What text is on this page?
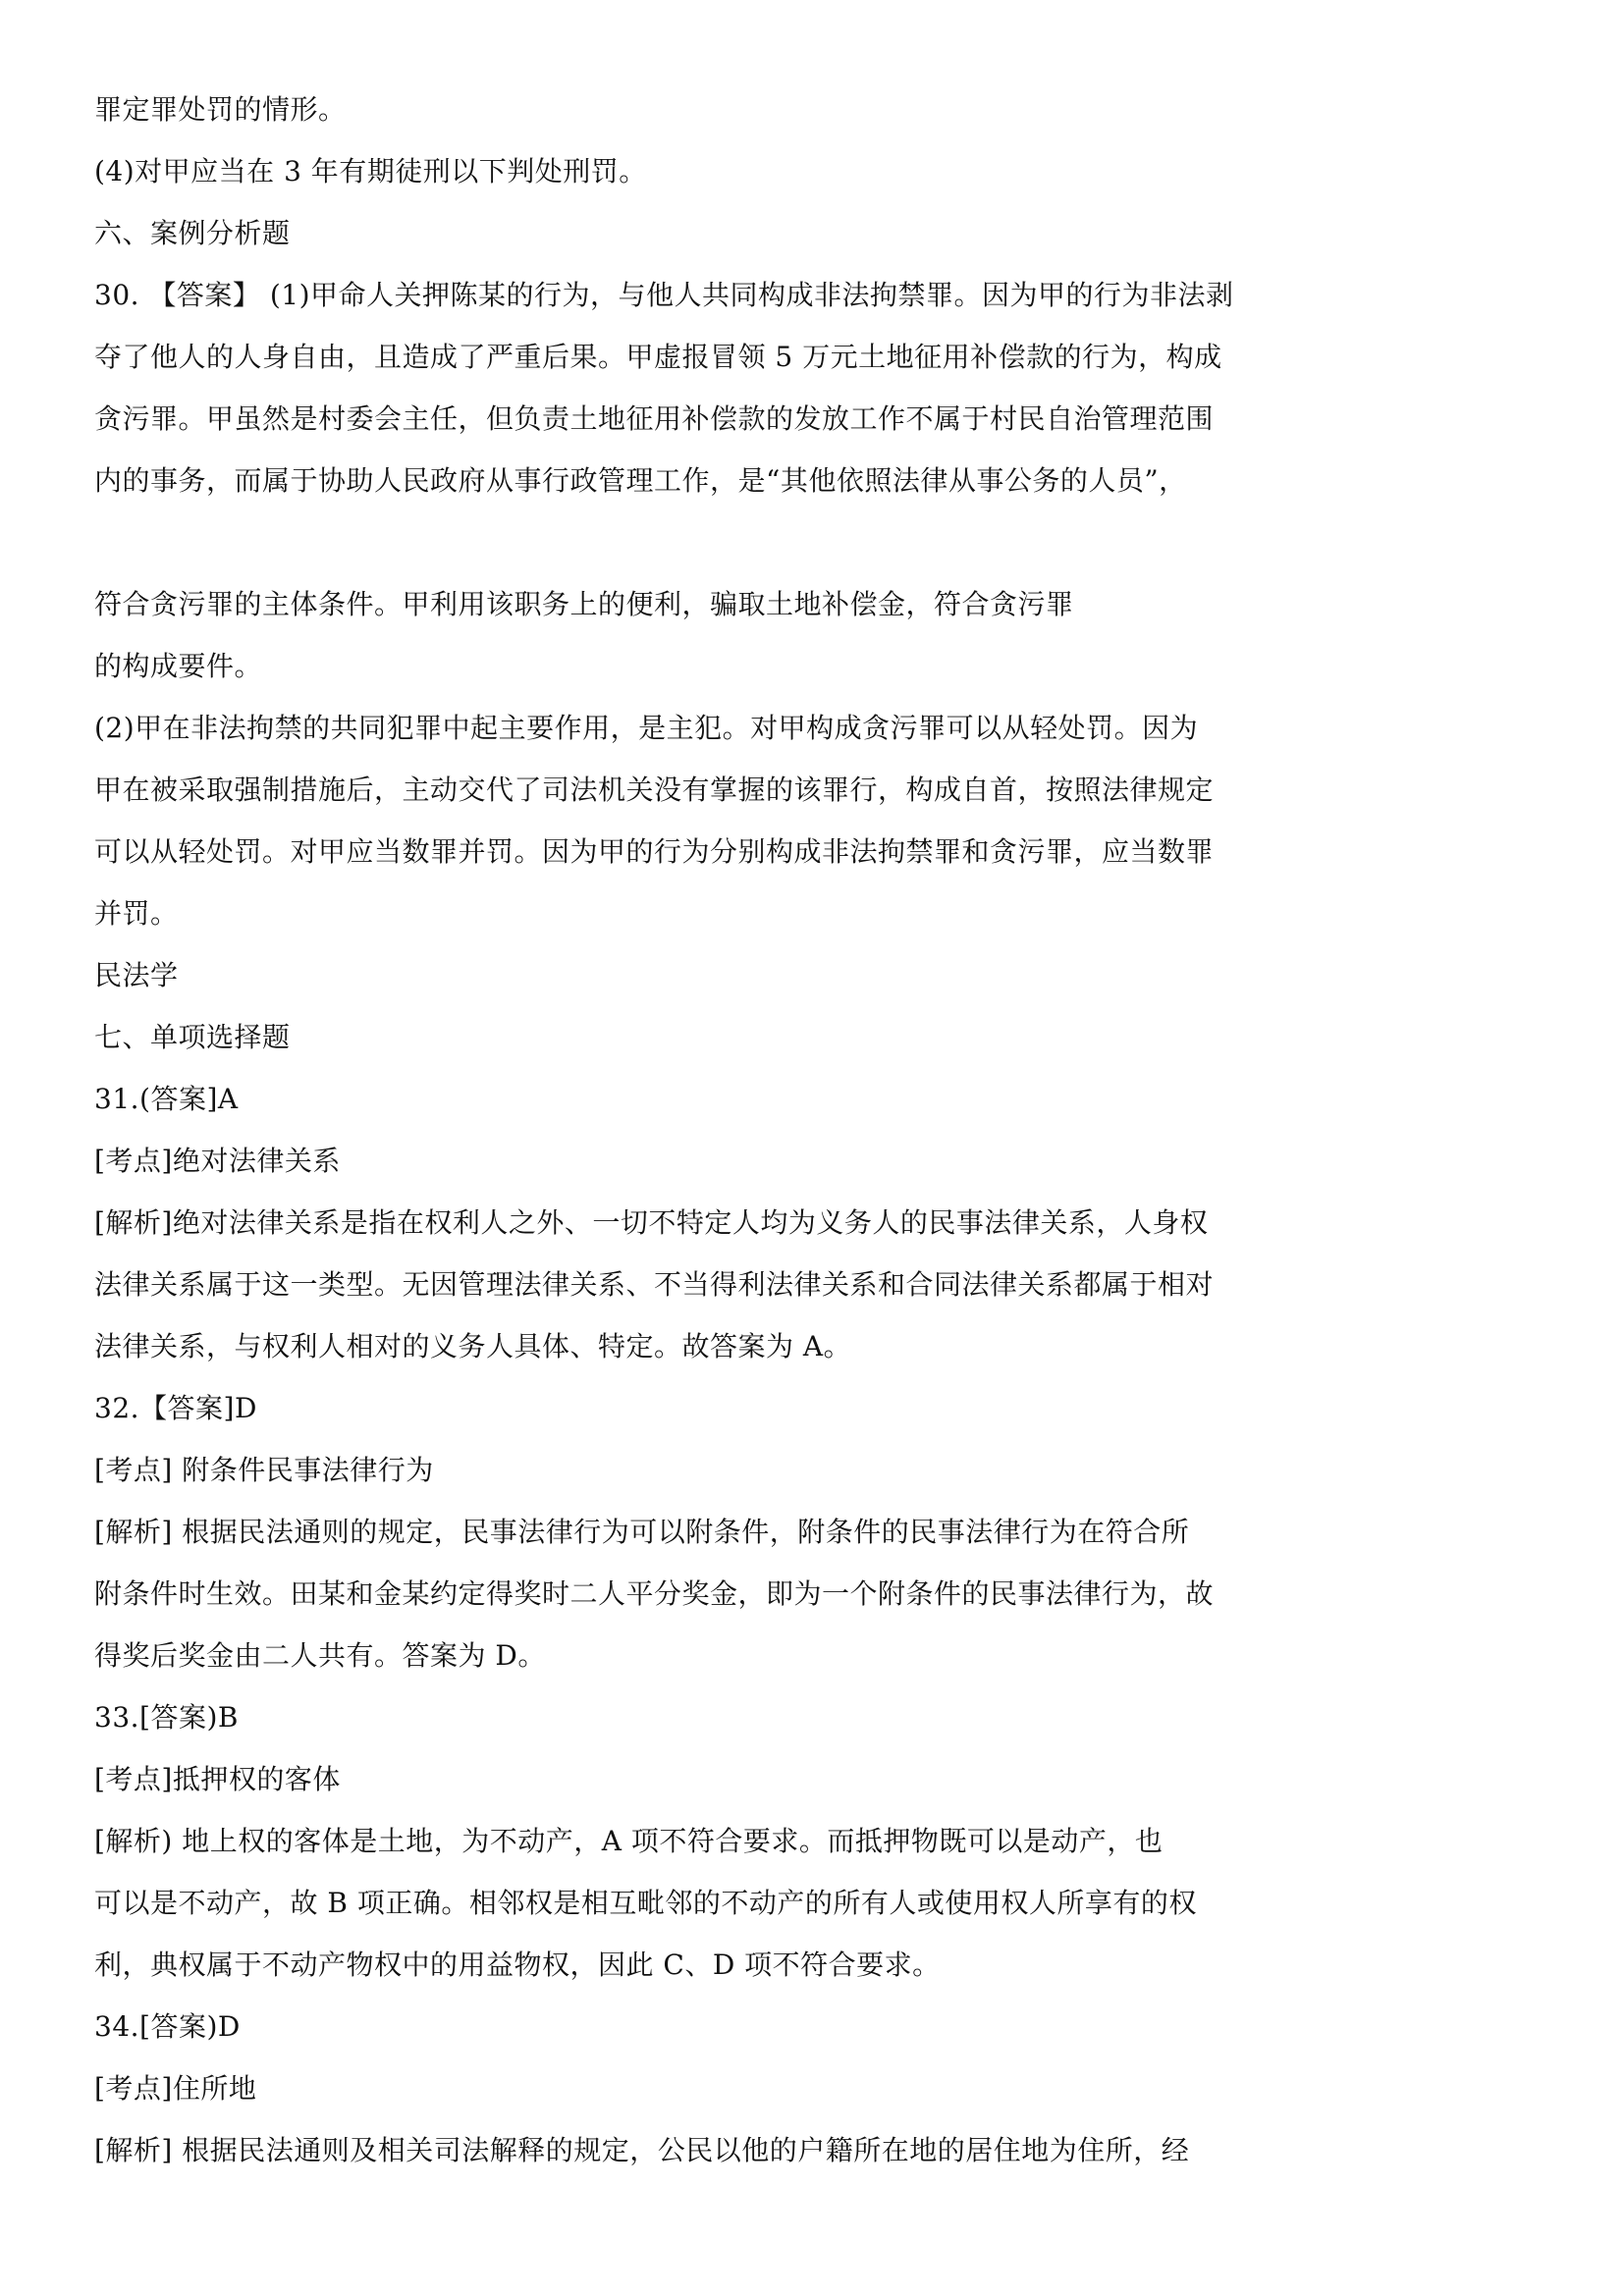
罪定罪处罚的情形。
(4)对甲应当在 3 年有期徒刑以下判处刑罚。
六、案例分析题
30. 【答案】 (1)甲命人关押陈某的行为，与他人共同构成非法拘禁罪。因为甲的行为非法剥
夺了他人的人身自由，且造成了严重后果。甲虚报冒领 5 万元土地征用补偿款的行为，构成
贪污罪。甲虽然是村委会主任，但负责土地征用补偿款的发放工作不属于村民自治管理范围
内的事务，而属于协助人民政府从事行政管理工作，是“其他依照法律从事公务的人员”，
符合贪污罪的主体条件。甲利用该职务上的便利，骗取土地补偿金，符合贪污罪
的构成要件。
(2)甲在非法拘禁的共同犯罪中起主要作用，是主犯。对甲构成贪污罪可以从轻处罚。因为
甲在被采取强制措施后，主动交代了司法机关没有掌握的该罪行，构成自首，按照法律规定
可以从轻处罚。对甲应当数罪并罚。因为甲的行为分别构成非法拘禁罪和贪污罪，应当数罪
并罚。
民法学
七、单项选择题
31.(答案]A
[考点]绝对法律关系
[解析]绝对法律关系是指在权利人之外、一切不特定人均为义务人的民事法律关系，人身权
法律关系属于这一类型。无因管理法律关系、不当得利法律关系和合同法律关系都属于相对
法律关系，与权利人相对的义务人具体、特定。故答案为 A。
32.【答案]D
[考点] 附条件民事法律行为
[解析] 根据民法通则的规定，民事法律行为可以附条件，附条件的民事法律行为在符合所
附条件时生效。田某和金某约定得奖时二人平分奖金，即为一个附条件的民事法律行为，故
得奖后奖金由二人共有。答案为 D。
33.[答案)B
[考点]抵押权的客体
[解析) 地上权的客体是土地，为不动产，A 项不符合要求。而抵押物既可以是动产，也
可以是不动产，故 B 项正确。相邻权是相互毗邻的不动产的所有人或使用权人所享有的权
利，典权属于不动产物权中的用益物权，因此 C、D 项不符合要求。
34.[答案)D
[考点]住所地
[解析] 根据民法通则及相关司法解释的规定，公民以他的户籍所在地的居住地为住所，经
